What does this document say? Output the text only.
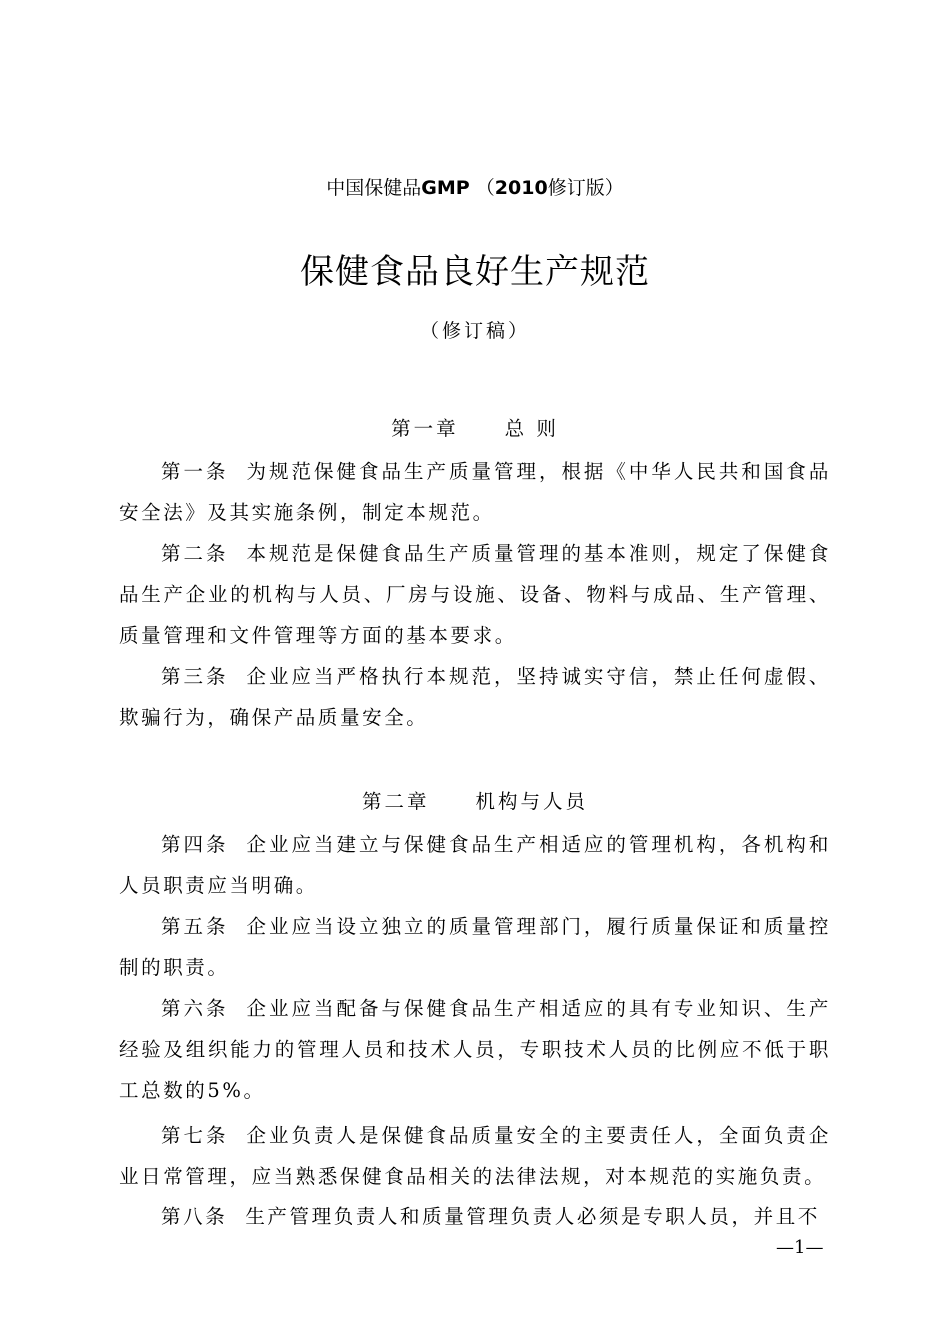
中国保健品GMP （2010修订版）
保健食品良好生产规范
（修订稿）
第一章 总 则
第一条 为规范保健食品生产质量管理，根据《中华人民共和国食品安全法》及其实施条例，制定本规范。
第二条 本规范是保健食品生产质量管理的基本准则，规定了保健食品生产企业的机构与人员、厂房与设施、设备、物料与成品、生产管理、质量管理和文件管理等方面的基本要求。
第三条 企业应当严格执行本规范，坚持诚实守信，禁止任何虚假、欺骗行为，确保产品质量安全。
第二章 机构与人员
第四条 企业应当建立与保健食品生产相适应的管理机构，各机构和人员职责应当明确。
第五条 企业应当设立独立的质量管理部门，履行质量保证和质量控制的职责。
第六条 企业应当配备与保健食品生产相适应的具有专业知识、生产经验及组织能力的管理人员和技术人员，专职技术人员的比例应不低于职工总数的5%。
第七条 企业负责人是保健食品质量安全的主要责任人，全面负责企业日常管理，应当熟悉保健食品相关的法律法规，对本规范的实施负责。
第八条 生产管理负责人和质量管理负责人必须是专职人员，并且不
—1—
